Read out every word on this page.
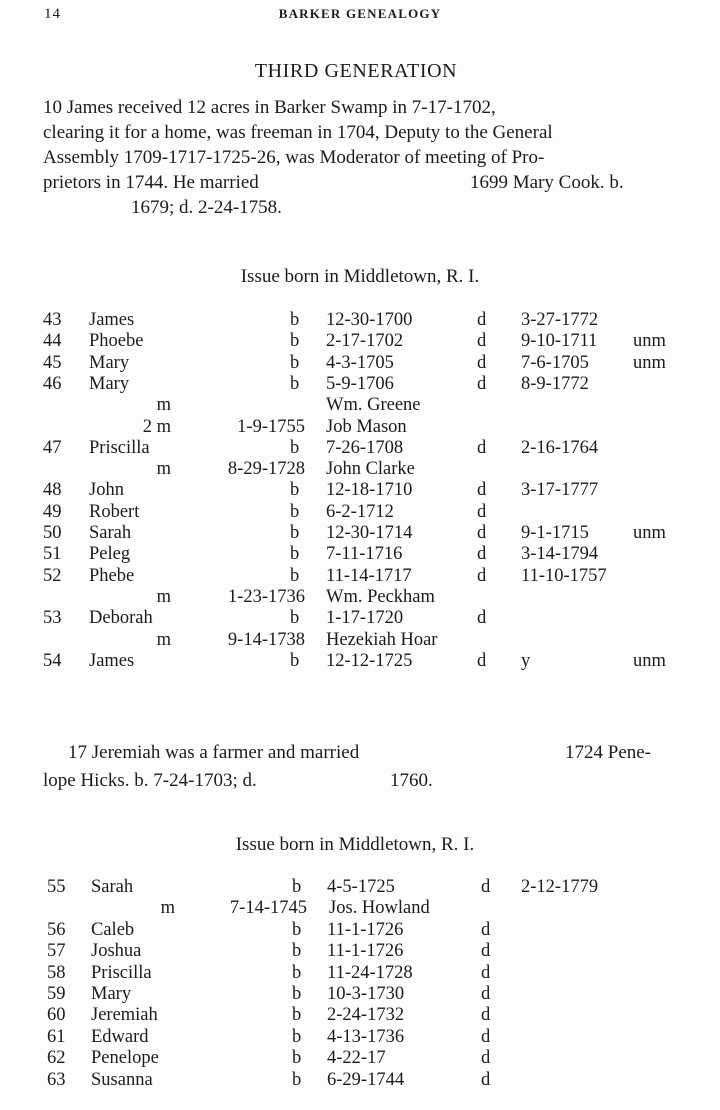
14	BARKER GENEALOGY
THIRD GENERATION
10 James received 12 acres in Barker Swamp in 7-17-1702,
clearing it for a home, was freeman in 1704, Deputy to the General
Assembly 1709-1717-1725-26, was Moderator of meeting of Pro-
prietors in 1744. He married	1699 Mary Cook. b.
1679; d. 2-24-1758.
Issue born in Middletown, R. I.
43 James	b 12-30-1700	d 3-27-1772
44 Phoebe	b 2-17-1702	d 9-10-1711 unm
45 Mary	b 4-3-1705	d 7-6-1705 unm
46 Mary	b 5-9-1706	d 8-9-1772
m	Wm. Greene
2 m	1-9-1755 Job Mason
47 Priscilla	b 7-26-1708	d 2-16-1764
m	8-29-1728 John Clarke
48 John	b 12-18-1710	d 3-17-1777
49 Robert	b 6-2-1712	d
50 Sarah	b 12-30-1714	d 9-1-1715 unm
51 Peleg	b 7-11-1716	d 3-14-1794
52 Phebe	b 11-14-1717	d 11-10-1757
m	1-23-1736 Wm. Peckham
53 Deborah	b 1-17-1720	d
m	9-14-1738 Hezekiah Hoar
54 James	b 12-12-1725	d y	unm
17 Jeremiah was a farmer and married	1724 Pene-
lope Hicks. b. 7-24-1703; d.	1760.
Issue born in Middletown, R. I.
55 Sarah	b 4-5-1725	d 2-12-1779
m	7-14-1745 Jos. Howland
56 Caleb	b 11-1-1726	d
57 Joshua	b 11-1-1726	d
58 Priscilla	b 11-24-1728	d
59 Mary	b 10-3-1730	d
60 Jeremiah	b 2-24-1732	d
61 Edward	b 4-13-1736	d
62 Penelope	b 4-22-17	d
63 Susanna	b 6-29-1744	d
